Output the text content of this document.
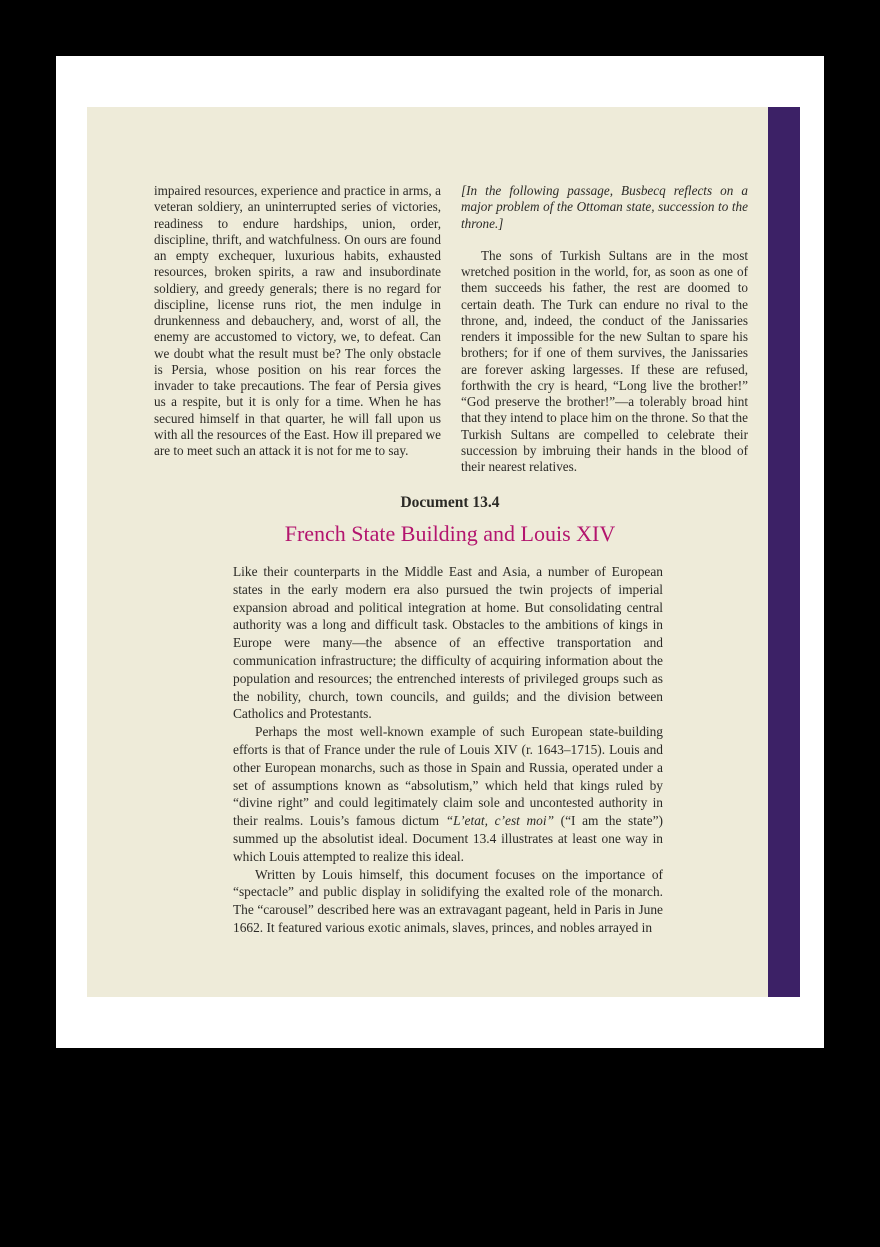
impaired resources, experience and practice in arms, a veteran soldiery, an uninterrupted series of victories, readiness to endure hardships, union, order, discipline, thrift, and watchfulness. On ours are found an empty exchequer, luxurious habits, exhausted resources, broken spirits, a raw and insubordinate soldiery, and greedy generals; there is no regard for discipline, license runs riot, the men indulge in drunkenness and debauchery, and, worst of all, the enemy are accustomed to victory, we, to defeat. Can we doubt what the result must be? The only obstacle is Persia, whose position on his rear forces the invader to take precautions. The fear of Persia gives us a respite, but it is only for a time. When he has secured himself in that quarter, he will fall upon us with all the resources of the East. How ill prepared we are to meet such an attack it is not for me to say.

[In the following passage, Busbecq reflects on a major problem of the Ottoman state, succession to the throne.]

The sons of Turkish Sultans are in the most wretched position in the world, for, as soon as one of them succeeds his father, the rest are doomed to certain death. The Turk can endure no rival to the throne, and, indeed, the conduct of the Janissaries renders it impossible for the new Sultan to spare his brothers; for if one of them survives, the Janissaries are forever asking largesses. If these are refused, forthwith the cry is heard, “Long live the brother!” “God preserve the brother!”—a tolerably broad hint that they intend to place him on the throne. So that the Turkish Sultans are compelled to celebrate their succession by imbruing their hands in the blood of their nearest relatives.

Document 13.4
French State Building and Louis XIV

Like their counterparts in the Middle East and Asia, a number of European states in the early modern era also pursued the twin projects of imperial expansion abroad and political integration at home. But consolidating central authority was a long and difficult task. Obstacles to the ambitions of kings in Europe were many—the absence of an effective transportation and communication infrastructure; the difficulty of acquiring information about the population and resources; the entrenched interests of privileged groups such as the nobility, church, town councils, and guilds; and the division between Catholics and Protestants.

Perhaps the most well-known example of such European state-building efforts is that of France under the rule of Louis XIV (r. 1643–1715). Louis and other European monarchs, such as those in Spain and Russia, operated under a set of assumptions known as “absolutism,” which held that kings ruled by “divine right” and could legitimately claim sole and uncontested authority in their realms. Louis’s famous dictum “L’etat, c’est moi” (“I am the state”) summed up the absolutist ideal. Document 13.4 illustrates at least one way in which Louis attempted to realize this ideal.

Written by Louis himself, this document focuses on the importance of “spectacle” and public display in solidifying the exalted role of the monarch. The “carousel” described here was an extravagant pageant, held in Paris in June 1662. It featured various exotic animals, slaves, princes, and nobles arrayed in
